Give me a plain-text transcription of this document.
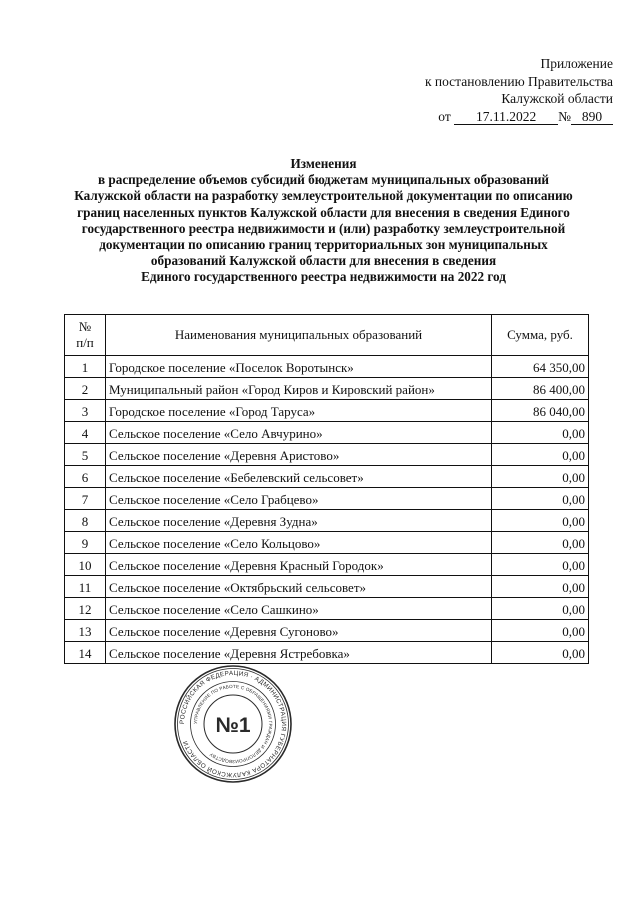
Приложение
к постановлению Правительства
Калужской области
от 17.11.2022 № 890
Изменения
в распределение объемов субсидий бюджетам муниципальных образований
Калужской области на разработку землеустроительной документации по описанию
границ населенных пунктов Калужской области для внесения в сведения Единого
государственного реестра недвижимости и (или) разработку землеустроительной
документации по описанию границ территориальных зон муниципальных
образований Калужской области для внесения в сведения
Единого государственного реестра недвижимости на 2022 год
№
п/п	Наименования муниципальных образований	Сумма, руб.
1	Городское поселение «Поселок Воротынск»	64 350,00
2	Муниципальный район «Город Киров и Кировский район»	86 400,00
3	Городское поселение «Город Таруса»	86 040,00
4	Сельское поселение «Село Авчурино»	0,00
5	Сельское поселение «Деревня Аристово»	0,00
6	Сельское поселение «Бебелевский сельсовет»	0,00
7	Сельское поселение «Село Грабцево»	0,00
8	Сельское поселение «Деревня Зудна»	0,00
9	Сельское поселение «Село Кольцово»	0,00
10	Сельское поселение «Деревня Красный Городок»	0,00
11	Сельское поселение «Октябрьский сельсовет»	0,00
12	Сельское поселение «Село Сашкино»	0,00
13	Сельское поселение «Деревня Сугоново»	0,00
14	Сельское поселение «Деревня Ястребовка»	0,00
РОССИЙСКАЯ ФЕДЕРАЦИЯ · АДМИНИСТРАЦИЯ ГУБЕРНАТОРА КАЛУЖСКОЙ ОБЛАСТИ
УПРАВЛЕНИЕ ПО РАБОТЕ С ОБРАЩЕНИЯМИ ГРАЖДАН И ДЕЛОПРОИЗВОДСТВУ
№1
